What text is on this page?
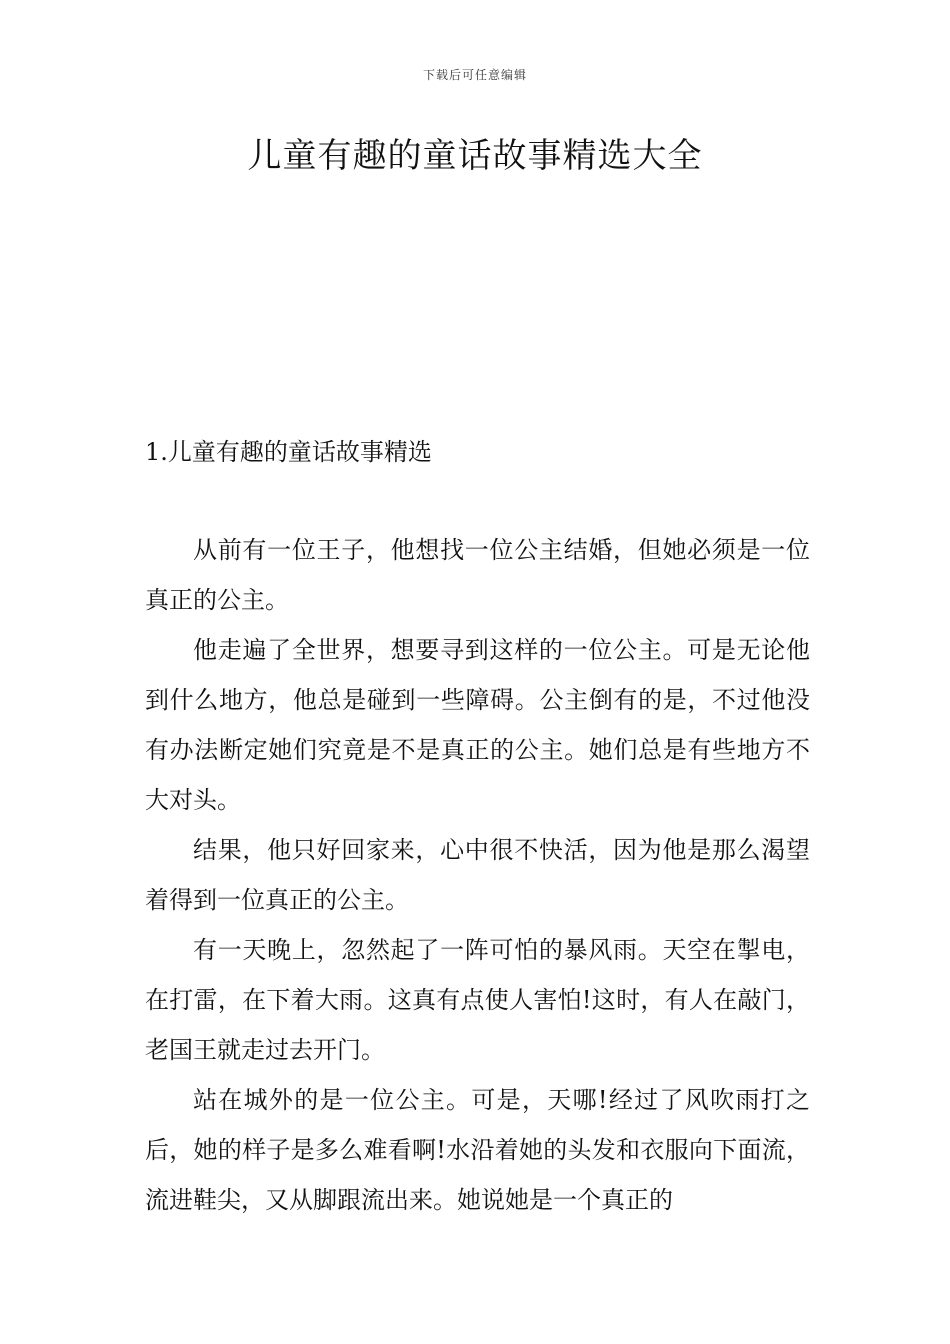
下载后可任意编辑
儿童有趣的童话故事精选大全
1.儿童有趣的童话故事精选

从前有一位王子，他想找一位公主结婚，但她必须是一位真正的公主。

他走遍了全世界，想要寻到这样的一位公主。可是无论他到什么地方，他总是碰到一些障碍。公主倒有的是，不过他没有办法断定她们究竟是不是真正的公主。她们总是有些地方不大对头。

结果，他只好回家来，心中很不快活，因为他是那么渴望着得到一位真正的公主。

有一天晚上，忽然起了一阵可怕的暴风雨。天空在掣电，在打雷，在下着大雨。这真有点使人害怕!这时，有人在敲门，老国王就走过去开门。

站在城外的是一位公主。可是，天哪!经过了风吹雨打之后，她的样子是多么难看啊!水沿着她的头发和衣服向下面流，流进鞋尖，又从脚跟流出来。她说她是一个真正的
